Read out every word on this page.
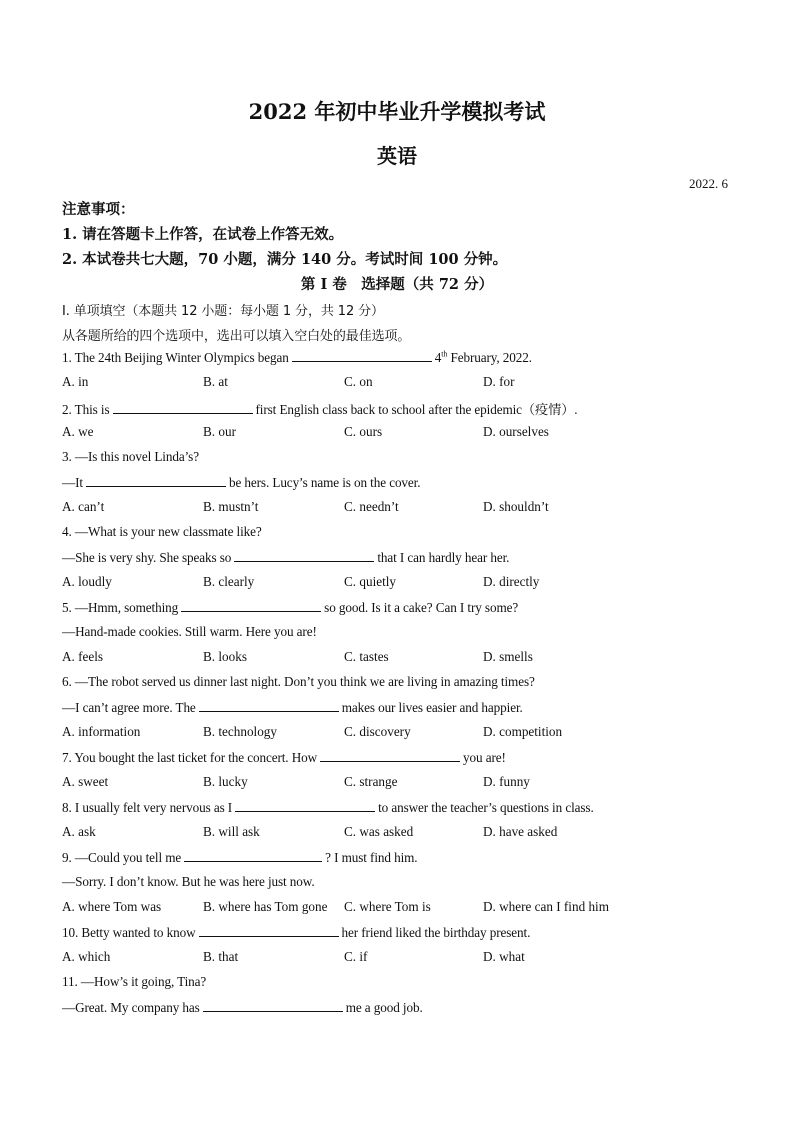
2022 年初中毕业升学模拟考试
英语
2022. 6
注意事项：
1. 请在答题卡上作答，在试卷上作答无效。
2. 本试卷共七大题，70 小题，满分 140 分。考试时间 100 分钟。
第 I 卷　选择题（共 72 分）
I. 单项填空（本题共 12 小题：每小题 1 分，共 12 分）
从各题所给的四个选项中，选出可以填入空白处的最佳选项。
1. The 24th Beijing Winter Olympics began	4th February, 2022.
A. in	B. at	C. on	D. for
2. This is	first English class back to school after the epidemic（疫情）.
A. we	B. our	C. ours	D. ourselves
3. —Is this novel Linda’s?
—It	be hers. Lucy’s name is on the cover.
A. can’t	B. mustn’t	C. needn’t	D. shouldn’t
4. —What is your new classmate like?
—She is very shy. She speaks so	that I can hardly hear her.
A. loudly	B. clearly	C. quietly	D. directly
5. —Hmm, something	so good. Is it a cake? Can I try some?
—Hand-made cookies. Still warm. Here you are!
A. feels	B. looks	C. tastes	D. smells
6. —The robot served us dinner last night. Don’t you think we are living in amazing times?
—I can’t agree more. The	makes our lives easier and happier.
A. information	B. technology	C. discovery	D. competition
7. You bought the last ticket for the concert. How	you are!
A. sweet	B. lucky	C. strange	D. funny
8. I usually felt very nervous as I	to answer the teacher’s questions in class.
A. ask	B. will ask	C. was asked	D. have asked
9. —Could you tell me	? I must find him.
—Sorry. I don’t know. But he was here just now.
A. where Tom was	B. where has Tom gone C. where Tom is	D. where can I find him
10. Betty wanted to know	her friend liked the birthday present.
A. which	B. that	C. if	D. what
11. —How’s it going, Tina?
—Great. My company has	me a good job.
